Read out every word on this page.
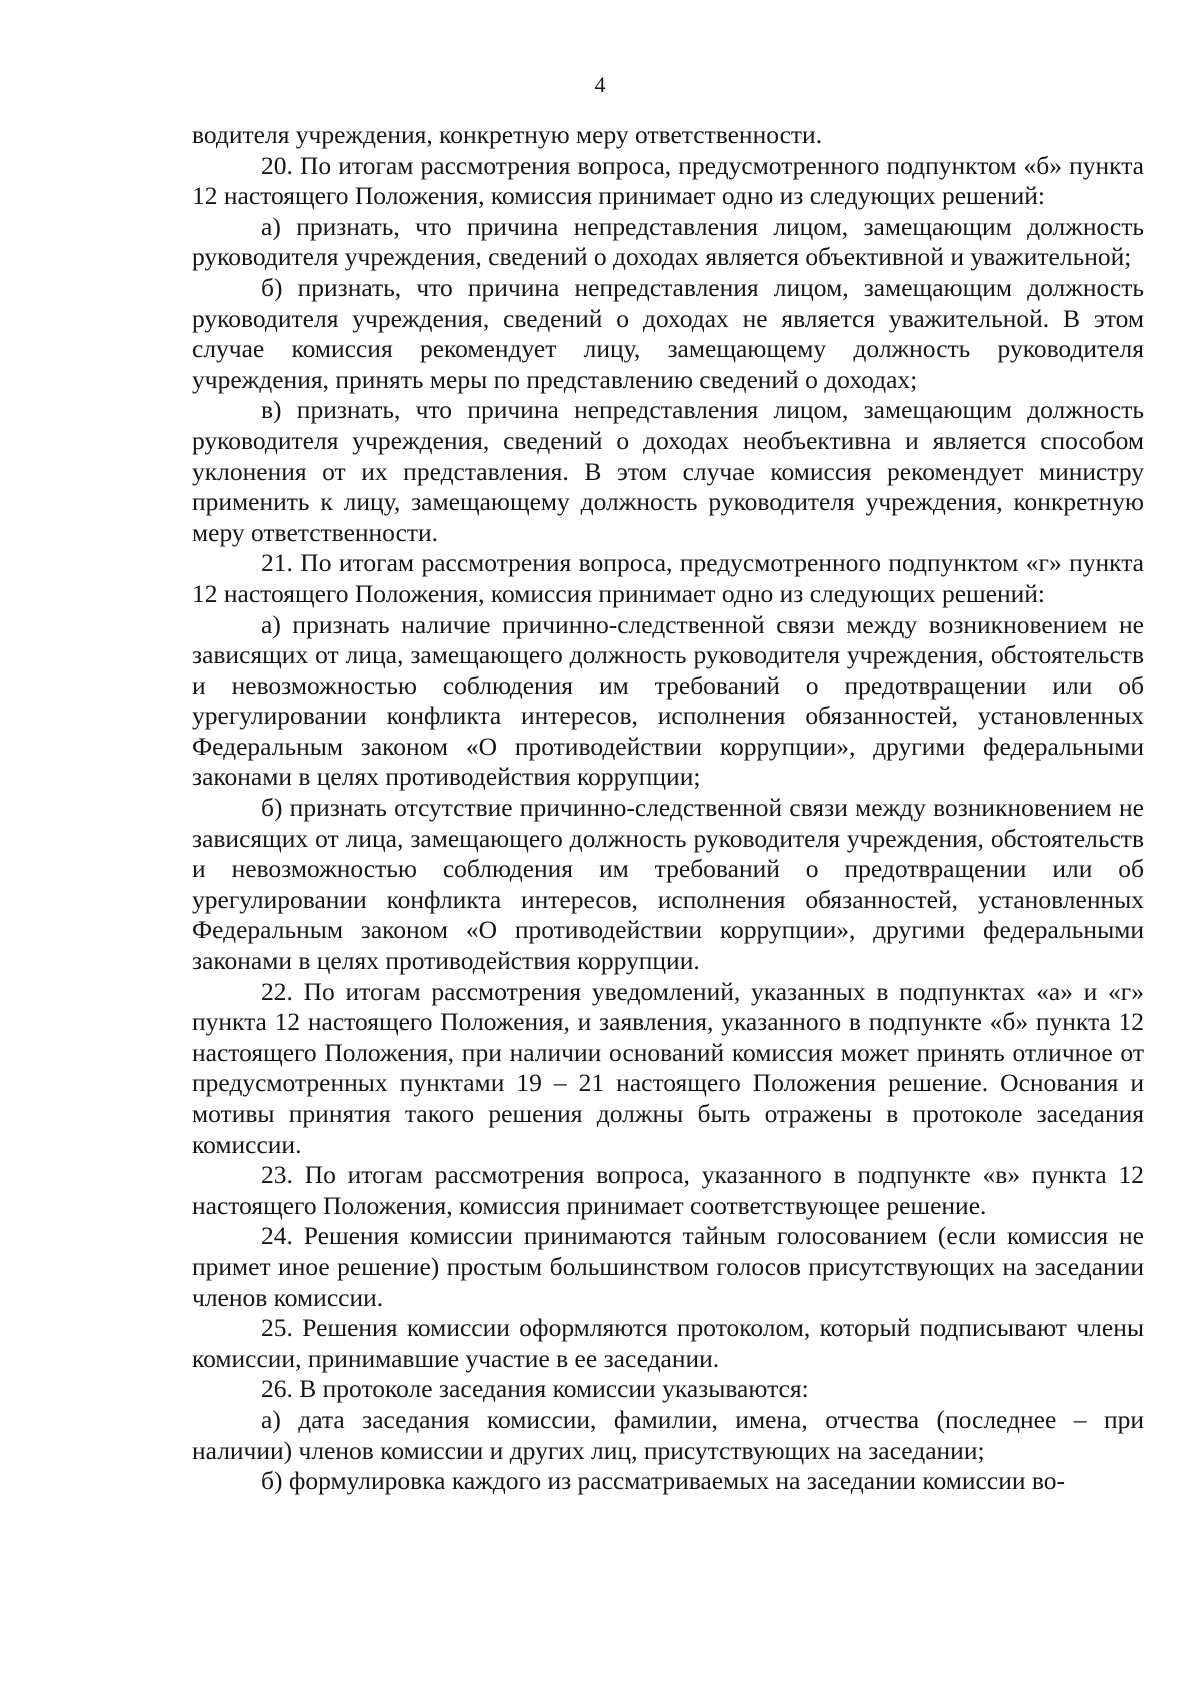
4

водителя учреждения, конкретную меру ответственности.

20. По итогам рассмотрения вопроса, предусмотренного подпунктом «б» пункта 12 настоящего Положения, комиссия принимает одно из следующих решений:

а) признать, что причина непредставления лицом, замещающим должность руководителя учреждения, сведений о доходах является объективной и уважительной;

б) признать, что причина непредставления лицом, замещающим должность руководителя учреждения, сведений о доходах не является уважительной. В этом случае комиссия рекомендует лицу, замещающему должность руководителя учреждения, принять меры по представлению сведений о доходах;

в) признать, что причина непредставления лицом, замещающим должность руководителя учреждения, сведений о доходах необъективна и является способом уклонения от их представления. В этом случае комиссия рекомендует министру применить к лицу, замещающему должность руководителя учреждения, конкретную меру ответственности.

21. По итогам рассмотрения вопроса, предусмотренного подпунктом «г» пункта 12 настоящего Положения, комиссия принимает одно из следующих решений:

а) признать наличие причинно-следственной связи между возникновением не зависящих от лица, замещающего должность руководителя учреждения, обстоятельств и невозможностью соблюдения им требований о предотвращении или об урегулировании конфликта интересов, исполнения обязанностей, установленных Федеральным законом «О противодействии коррупции», другими федеральными законами в целях противодействия коррупции;

б) признать отсутствие причинно-следственной связи между возникновением не зависящих от лица, замещающего должность руководителя учреждения, обстоятельств и невозможностью соблюдения им требований о предотвращении или об урегулировании конфликта интересов, исполнения обязанностей, установленных Федеральным законом «О противодействии коррупции», другими федеральными законами в целях противодействия коррупции.

22. По итогам рассмотрения уведомлений, указанных в подпунктах «а» и «г» пункта 12 настоящего Положения, и заявления, указанного в подпункте «б» пункта 12 настоящего Положения, при наличии оснований комиссия может принять отличное от предусмотренных пунктами 19 – 21 настоящего Положения решение. Основания и мотивы принятия такого решения должны быть отражены в протоколе заседания комиссии.

23. По итогам рассмотрения вопроса, указанного в подпункте «в» пункта 12 настоящего Положения, комиссия принимает соответствующее решение.

24. Решения комиссии принимаются тайным голосованием (если комиссия не примет иное решение) простым большинством голосов присутствующих на заседании членов комиссии.

25. Решения комиссии оформляются протоколом, который подписывают члены комиссии, принимавшие участие в ее заседании.

26. В протоколе заседания комиссии указываются:

а) дата заседания комиссии, фамилии, имена, отчества (последнее – при наличии) членов комиссии и других лиц, присутствующих на заседании;

б) формулировка каждого из рассматриваемых на заседании комиссии во-
